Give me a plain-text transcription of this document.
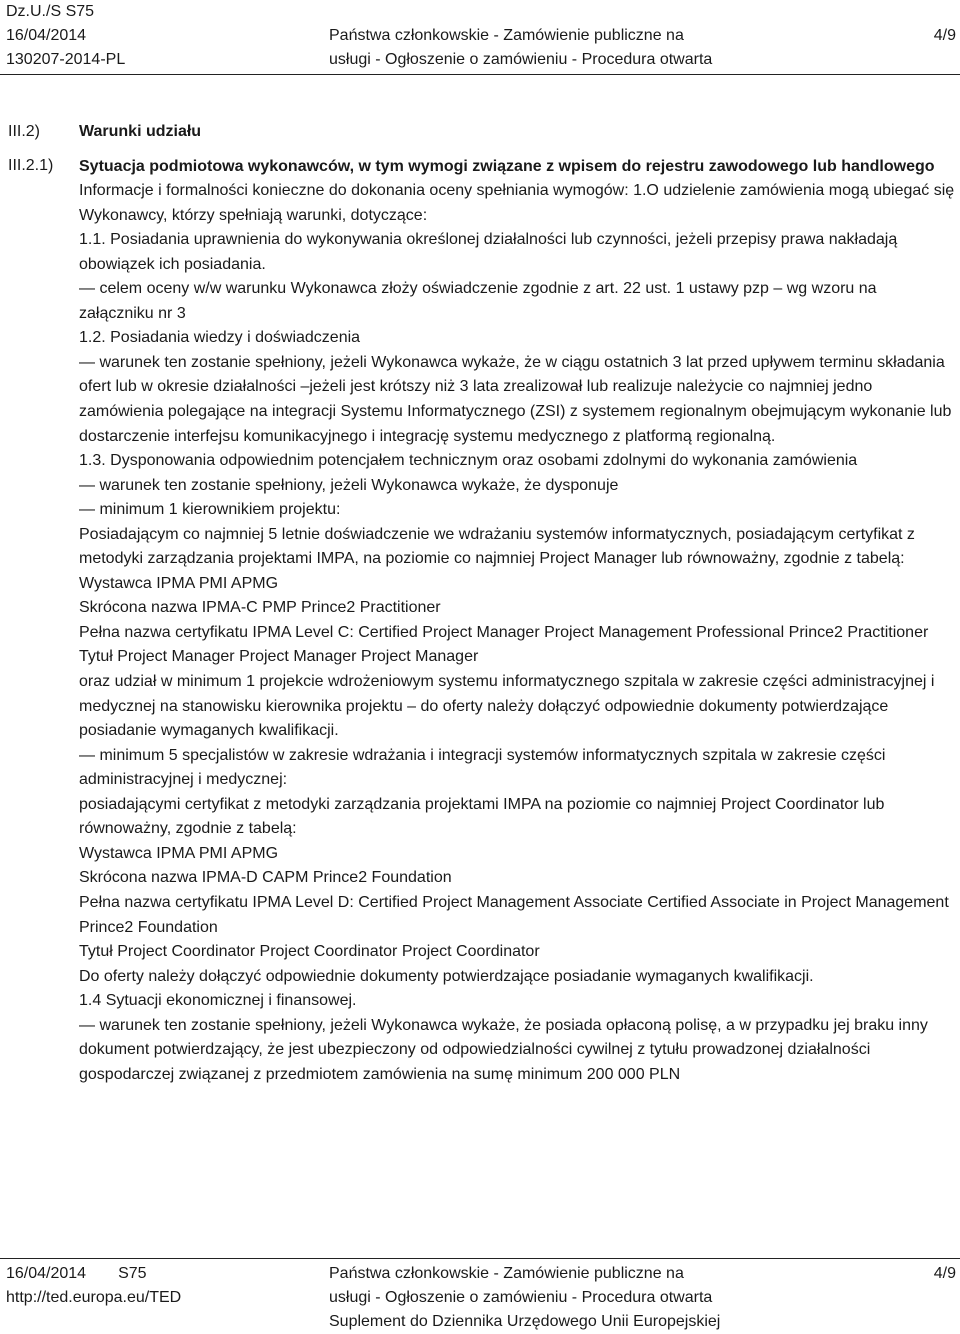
Dz.U./S S75
16/04/2014
130207-2014-PL
Państwa członkowskie - Zamówienie publiczne na
usługi - Ogłoszenie o zamówieniu - Procedura otwarta
4/9
III.2)
III.2.1)

Warunki udziału

Sytuacja podmiotowa wykonawców, w tym wymogi związane z wpisem do rejestru zawodowego lub handlowego

Informacje i formalności konieczne do dokonania oceny spełniania wymogów: 1.O udzielenie zamówienia mogą ubiegać się Wykonawcy, którzy spełniają warunki, dotyczące:

1.1. Posiadania uprawnienia do wykonywania określonej działalności lub czynności, jeżeli przepisy prawa nakładają obowiązek ich posiadania.

— celem oceny w/w warunku Wykonawca złoży oświadczenie zgodnie z art. 22 ust. 1 ustawy pzp – wg wzoru na załączniku nr 3

1.2. Posiadania wiedzy i doświadczenia

— warunek ten zostanie spełniony, jeżeli Wykonawca wykaże, że w ciągu ostatnich 3 lat przed upływem terminu składania ofert lub w okresie działalności –jeżeli jest krótszy niż 3 lata zrealizował lub realizuje należycie co najmniej jedno zamówienia polegające na integracji Systemu Informatycznego (ZSI) z systemem regionalnym obejmującym wykonanie lub dostarczenie interfejsu komunikacyjnego i integrację systemu medycznego z platformą regionalną.

1.3. Dysponowania odpowiednim potencjałem technicznym oraz osobami zdolnymi do wykonania zamówienia

— warunek ten zostanie spełniony, jeżeli Wykonawca wykaże, że dysponuje

— minimum 1 kierownikiem projektu:

Posiadającym co najmniej 5 letnie doświadczenie we wdrażaniu systemów informatycznych, posiadającym certyfikat z metodyki zarządzania projektami IMPA, na poziomie co najmniej Project Manager lub równoważny, zgodnie z tabelą:

Wystawca IPMA PMI APMG

Skrócona nazwa IPMA-C PMP Prince2 Practitioner

Pełna nazwa certyfikatu IPMA Level C: Certified Project Manager Project Management Professional Prince2 Practitioner

Tytuł Project Manager Project Manager Project Manager

oraz udział w minimum 1 projekcie wdrożeniowym systemu informatycznego szpitala w zakresie części administracyjnej i medycznej na stanowisku kierownika projektu – do oferty należy dołączyć odpowiednie dokumenty potwierdzające posiadanie wymaganych kwalifikacji.

— minimum 5 specjalistów w zakresie wdrażania i integracji systemów informatycznych szpitala w zakresie części administracyjnej i medycznej:

posiadającymi certyfikat z metodyki zarządzania projektami IMPA na poziomie co najmniej Project Coordinator lub równoważny, zgodnie z tabelą:

Wystawca IPMA PMI APMG

Skrócona nazwa IPMA-D CAPM Prince2 Foundation

Pełna nazwa certyfikatu IPMA Level D: Certified Project Management Associate Certified Associate in Project Management Prince2 Foundation

Tytuł Project Coordinator Project Coordinator Project Coordinator

Do oferty należy dołączyć odpowiednie dokumenty potwierdzające posiadanie wymaganych kwalifikacji.

1.4 Sytuacji ekonomicznej i finansowej.

— warunek ten zostanie spełniony, jeżeli Wykonawca wykaże, że posiada opłaconą polisę, a w przypadku jej braku inny dokument potwierdzający, że jest ubezpieczony od odpowiedzialności cywilnej z tytułu prowadzonej działalności gospodarczej związanej z przedmiotem zamówienia na sumę minimum 200 000 PLN

16/04/2014 S75
http://ted.europa.eu/TED
Państwa członkowskie - Zamówienie publiczne na
usługi - Ogłoszenie o zamówieniu - Procedura otwarta
Suplement do Dziennika Urzędowego Unii Europejskiej
4/9
